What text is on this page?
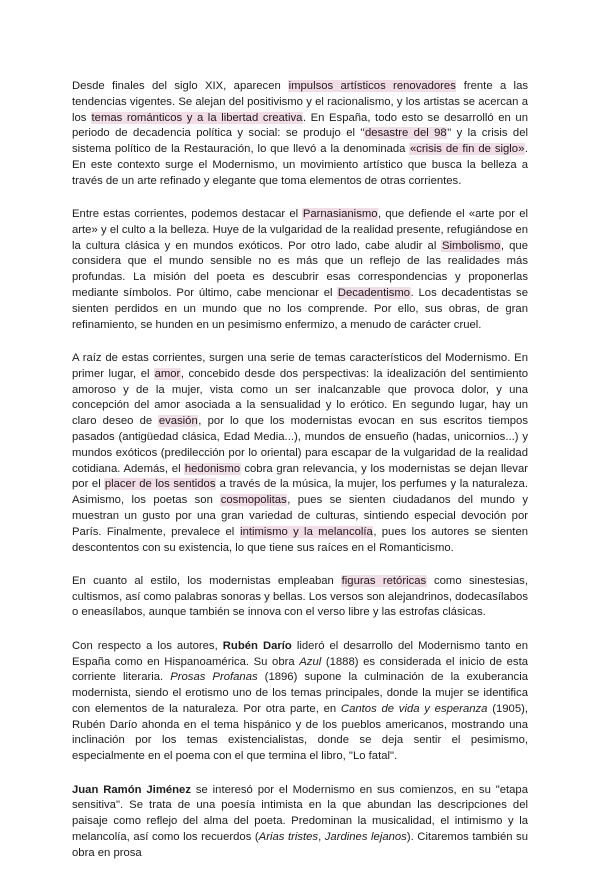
Desde finales del siglo XIX, aparecen impulsos artísticos renovadores frente a las tendencias vigentes. Se alejan del positivismo y el racionalismo, y los artistas se acercan a los temas románticos y a la libertad creativa. En España, todo esto se desarrolló en un periodo de decadencia política y social: se produjo el "desastre del 98" y la crisis del sistema político de la Restauración, lo que llevó a la denominada «crisis de fin de siglo». En este contexto surge el Modernismo, un movimiento artístico que busca la belleza a través de un arte refinado y elegante que toma elementos de otras corrientes.

Entre estas corrientes, podemos destacar el Parnasianismo, que defiende el «arte por el arte» y el culto a la belleza. Huye de la vulgaridad de la realidad presente, refugiándose en la cultura clásica y en mundos exóticos. Por otro lado, cabe aludir al Simbolismo, que considera que el mundo sensible no es más que un reflejo de las realidades más profundas. La misión del poeta es descubrir esas correspondencias y proponerlas mediante símbolos. Por último, cabe mencionar el Decadentismo. Los decadentistas se sienten perdidos en un mundo que no los comprende. Por ello, sus obras, de gran refinamiento, se hunden en un pesimismo enfermizo, a menudo de carácter cruel.

A raíz de estas corrientes, surgen una serie de temas característicos del Modernismo. En primer lugar, el amor, concebido desde dos perspectivas: la idealización del sentimiento amoroso y de la mujer, vista como un ser inalcanzable que provoca dolor, y una concepción del amor asociada a la sensualidad y lo erótico. En segundo lugar, hay un claro deseo de evasión, por lo que los modernistas evocan en sus escritos tiempos pasados (antigüedad clásica, Edad Media...), mundos de ensueño (hadas, unicornios...) y mundos exóticos (predilección por lo oriental) para escapar de la vulgaridad de la realidad cotidiana. Además, el hedonismo cobra gran relevancia, y los modernistas se dejan llevar por el placer de los sentidos a través de la música, la mujer, los perfumes y la naturaleza. Asimismo, los poetas son cosmopolitas, pues se sienten ciudadanos del mundo y muestran un gusto por una gran variedad de culturas, sintiendo especial devoción por París. Finalmente, prevalece el intimismo y la melancolía, pues los autores se sienten descontentos con su existencia, lo que tiene sus raíces en el Romanticismo.

En cuanto al estilo, los modernistas empleaban figuras retóricas como sinestesias, cultismos, así como palabras sonoras y bellas. Los versos son alejandrinos, dodecasílabos o eneasílabos, aunque también se innova con el verso libre y las estrofas clásicas.

Con respecto a los autores, Rubén Darío lideró el desarrollo del Modernismo tanto en España como en Hispanoamérica. Su obra Azul (1888) es considerada el inicio de esta corriente literaria. Prosas Profanas (1896) supone la culminación de la exuberancia modernista, siendo el erotismo uno de los temas principales, donde la mujer se identifica con elementos de la naturaleza. Por otra parte, en Cantos de vida y esperanza (1905), Rubén Darío ahonda en el tema hispánico y de los pueblos americanos, mostrando una inclinación por los temas existencialistas, donde se deja sentir el pesimismo, especialmente en el poema con el que termina el libro, "Lo fatal".

Juan Ramón Jiménez se interesó por el Modernismo en sus comienzos, en su "etapa sensitiva". Se trata de una poesía intimista en la que abundan las descripciones del paisaje como reflejo del alma del poeta. Predominan la musicalidad, el intimismo y la melancolía, así como los recuerdos (Arias tristes, Jardines lejanos). Citaremos también su obra en prosa
